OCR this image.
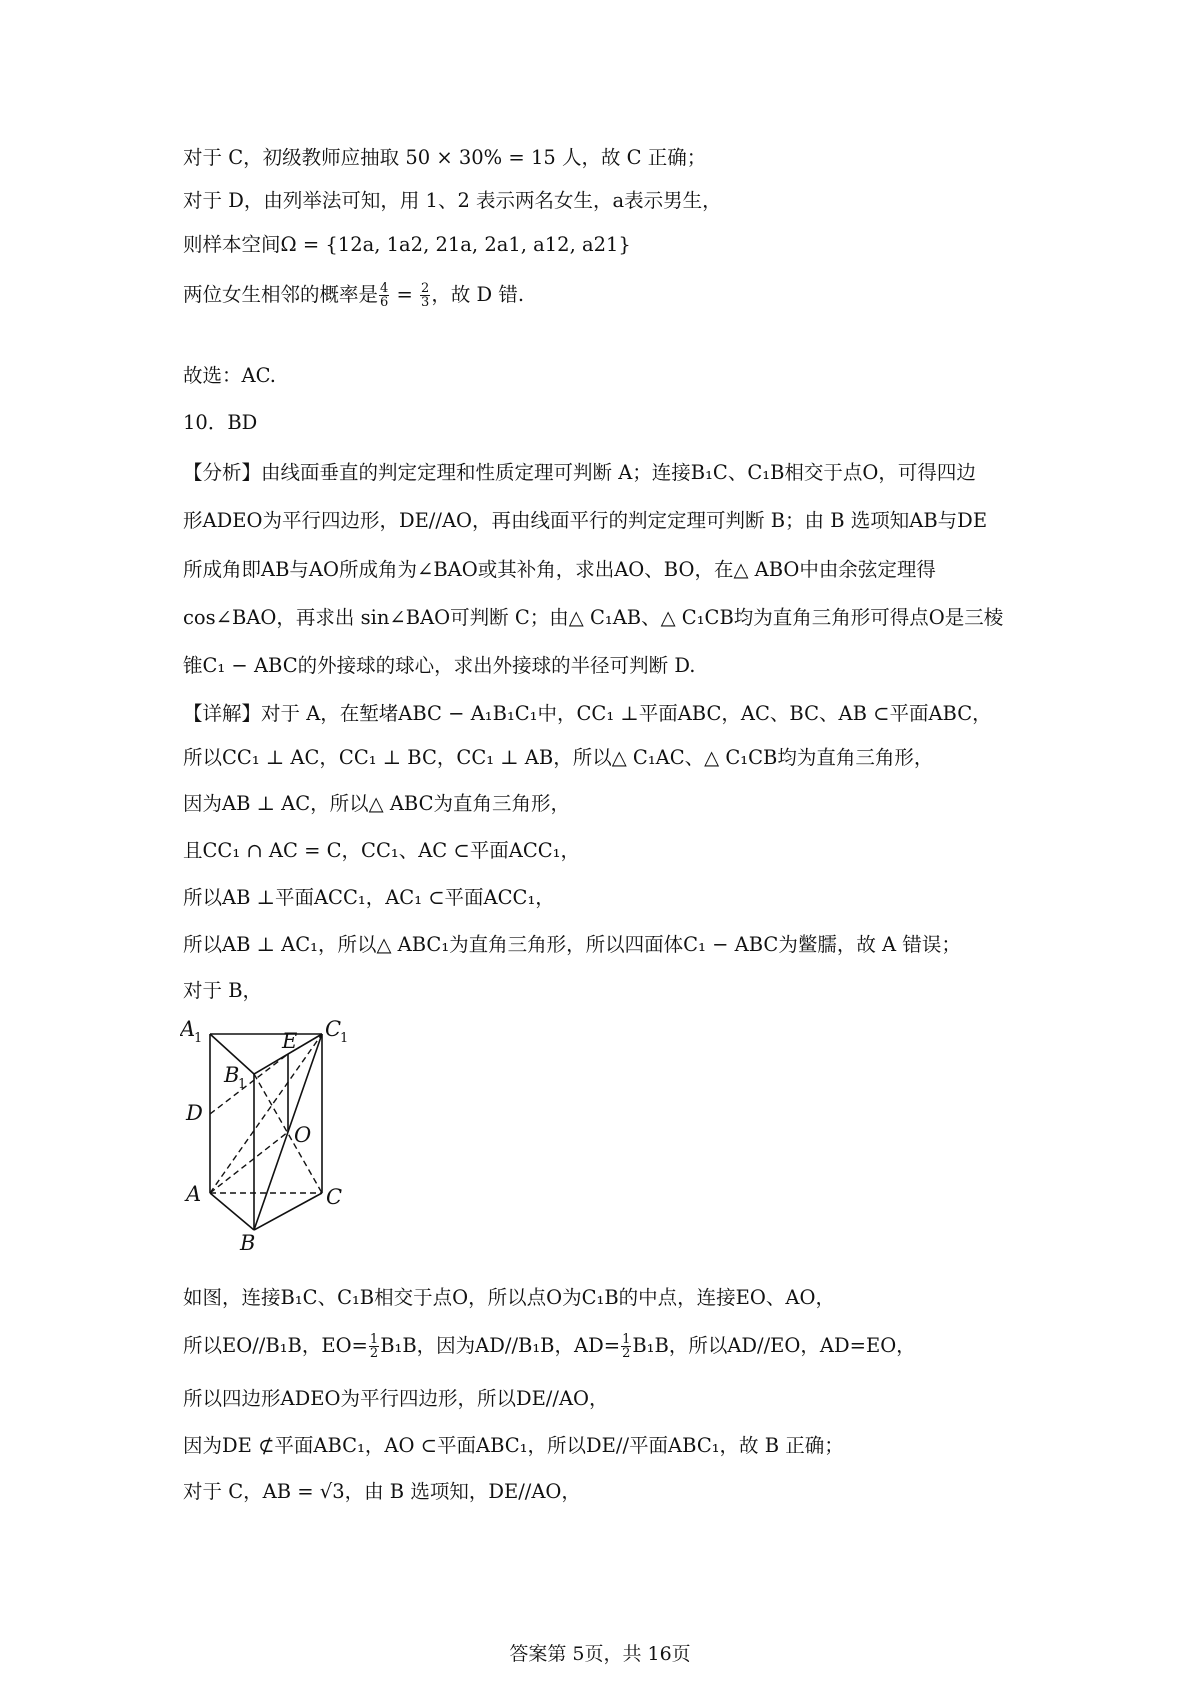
对于 C，初级教师应抽取 50 × 30% = 15 人，故 C 正确；
对于 D，由列举法可知，用 1、2 表示两名女生，a表示男生，
则样本空间Ω = {12a, 1a2, 21a, 2a1, a12, a21}
两位女生相邻的概率是 $\frac{4}{6} = \frac{2}{3}$ ，故 D 错.
故选：AC.
10．BD
【分析】由线面垂直的判定定理和性质定理可判断 A；连接B₁C、C₁B相交于点O，可得四边
形ADEO为平行四边形，DE//AO，再由线面平行的判定定理可判断 B；由 B 选项知AB与DE
所成角即AB与AO所成角为∠BAO或其补角，求出AO、BO，在△ ABO中由余弦定理得
cos∠BAO，再求出 sin∠BAO可判断 C；由△ C₁AB、△ C₁CB均为直角三角形可得点O是三棱
锥C₁ − ABC的外接球的球心，求出外接球的半径可判断 D.
【详解】对于 A，在堑堵ABC − A₁B₁C₁中，CC₁ ⊥平面ABC，AC、BC、AB ⊂平面ABC，
所以CC₁ ⊥ AC，CC₁ ⊥ BC，CC₁ ⊥ AB，所以△ C₁AC、△ C₁CB均为直角三角形，
因为AB ⊥ AC，所以△ ABC为直角三角形，
且CC₁ ∩ AC = C，CC₁、AC ⊂平面ACC₁，
所以AB ⊥平面ACC₁，AC₁ ⊂平面ACC₁，
所以AB ⊥ AC₁，所以△ ABC₁为直角三角形，所以四面体C₁ − ABC为鳖臑，故 A 错误；
对于 B，
A
1	C
1
B
1
E
D
O
A	C
B
如图，连接B₁C、C₁B相交于点O，所以点O为C₁B的中点，连接EO、AO，
所以EO//B₁B，$EO= \frac{1}{2} B_1B$，因为AD//B₁B，$AD= \frac{1}{2} B_1B$，所以AD//EO，AD=EO，
所以四边形ADEO为平行四边形，所以DE//AO，
因为DE ⊄平面ABC₁，AO ⊂平面ABC₁，所以DE//平面ABC₁，故 B 正确；
对于 C，AB = √3，由 B 选项知，DE//AO，
答案第 5页，共 16页
